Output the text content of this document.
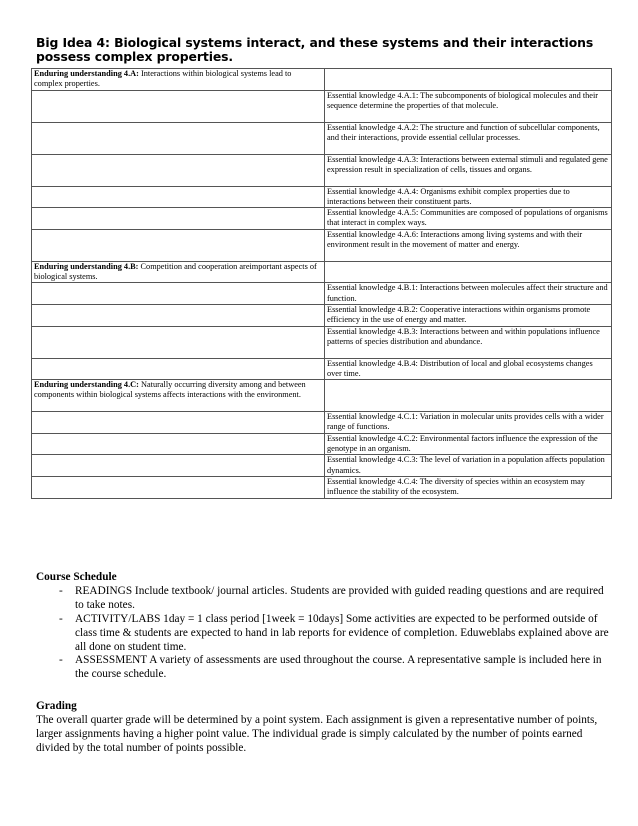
Big Idea 4: Biological systems interact, and these systems and their interactions possess complex properties.
Enduring understanding 4.A: Interactions within biological systems lead to complex properties.	
	Essential knowledge 4.A.1: The subcomponents of biological molecules and their sequence determine the properties of that molecule.
	Essential knowledge 4.A.2: The structure and function of subcellular components, and their interactions, provide essential cellular processes.
	Essential knowledge 4.A.3: Interactions between external stimuli and regulated gene expression result in specialization of cells, tissues and organs.
	Essential knowledge 4.A.4: Organisms exhibit complex properties due to interactions between their constituent parts.
	Essential knowledge 4.A.5: Communities are composed of populations of organisms that interact in complex ways.
	Essential knowledge 4.A.6: Interactions among living systems and with their environment result in the movement of matter and energy.
Enduring understanding 4.B: Competition and cooperation areimportant aspects of biological systems.	
	Essential knowledge 4.B.1: Interactions between molecules affect their structure and function.
	Essential knowledge 4.B.2: Cooperative interactions within organisms promote efficiency in the use of energy and matter.
	Essential knowledge 4.B.3: Interactions between and within populations influence patterns of species distribution and abundance.
	Essential knowledge 4.B.4: Distribution of local and global ecosystems changes over time.
Enduring understanding 4.C: Naturally occurring diversity among and between components within biological systems affects interactions with the environment.	
	Essential knowledge 4.C.1: Variation in molecular units provides cells with a wider range of functions.
	Essential knowledge 4.C.2: Environmental factors influence the expression of the genotype in an organism.
	Essential knowledge 4.C.3: The level of variation in a population affects population dynamics.
	Essential knowledge 4.C.4: The diversity of species within an ecosystem may influence the stability of the ecosystem.
Course Schedule
- READINGS Include textbook/ journal articles. Students are provided with guided reading questions and are required to take notes.
- ACTIVITY/LABS 1day = 1 class period [1week = 10days] Some activities are expected to be performed outside of class time & students are expected to hand in lab reports for evidence of completion. Eduweblabs explained above are all done on student time.
- ASSESSMENT A variety of assessments are used throughout the course. A representative sample is included here in the course schedule.
Grading

The overall quarter grade will be determined by a point system. Each assignment is given a representative number of points, larger assignments having a higher point value. The individual grade is simply calculated by the number of points earned divided by the total number of points possible.
